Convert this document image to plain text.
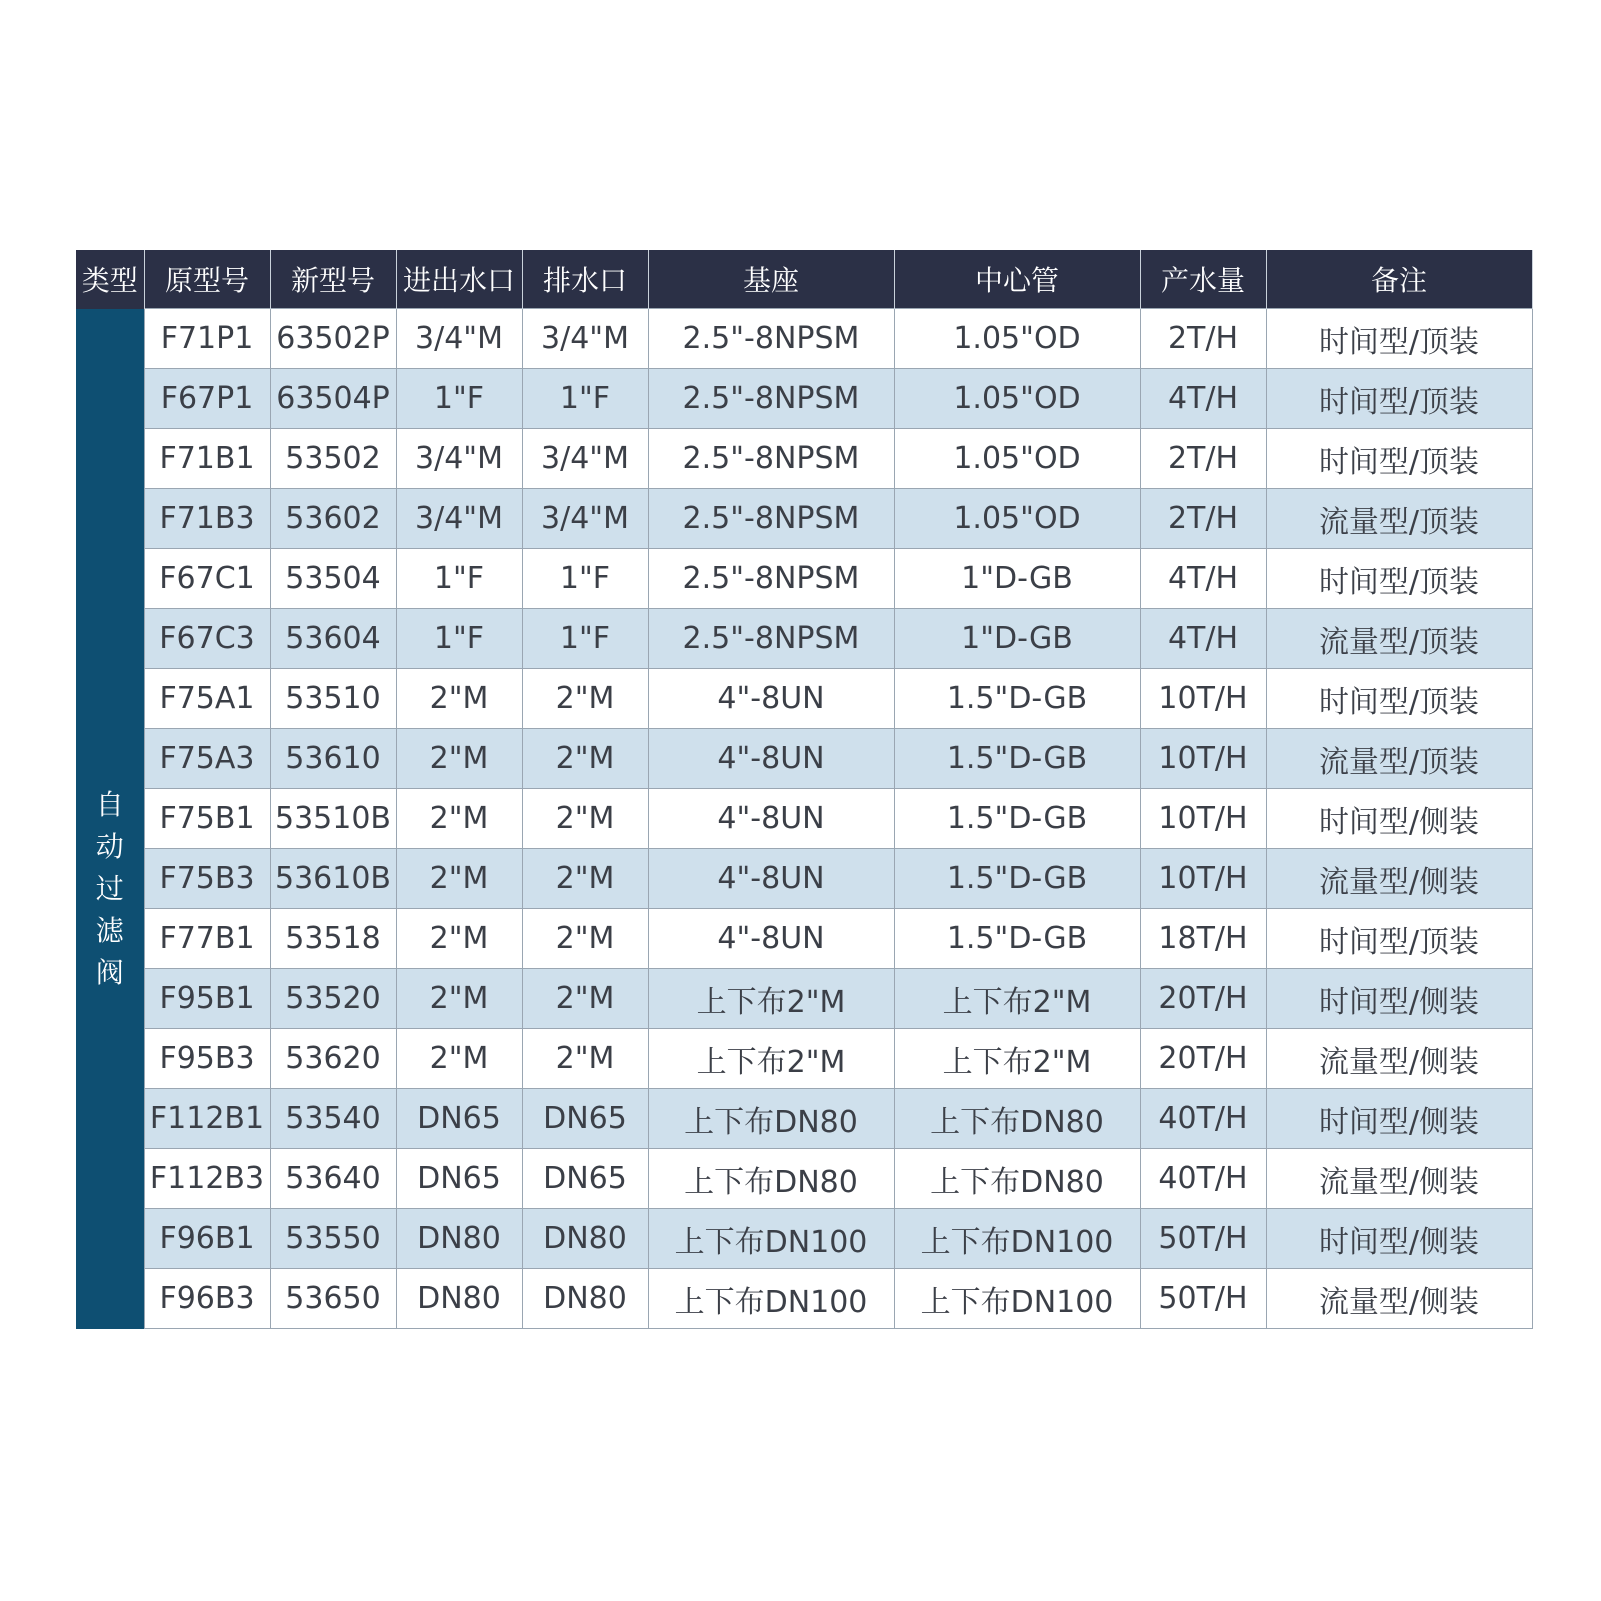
类型	原型号	新型号	进出水口	排水口	基座	中心管	产水量	备注
自动过滤阀	F71P1	63502P	3/4"M	3/4"M	2.5"-8NPSM	1.05"OD	2T/H	时间型/顶装
	F67P1	63504P	1"F	1"F	2.5"-8NPSM	1.05"OD	4T/H	时间型/顶装
	F71B1	53502	3/4"M	3/4"M	2.5"-8NPSM	1.05"OD	2T/H	时间型/顶装
	F71B3	53602	3/4"M	3/4"M	2.5"-8NPSM	1.05"OD	2T/H	流量型/顶装
	F67C1	53504	1"F	1"F	2.5"-8NPSM	1"D-GB	4T/H	时间型/顶装
	F67C3	53604	1"F	1"F	2.5"-8NPSM	1"D-GB	4T/H	流量型/顶装
	F75A1	53510	2"M	2"M	4"-8UN	1.5"D-GB	10T/H	时间型/顶装
	F75A3	53610	2"M	2"M	4"-8UN	1.5"D-GB	10T/H	流量型/顶装
	F75B1	53510B	2"M	2"M	4"-8UN	1.5"D-GB	10T/H	时间型/侧装
	F75B3	53610B	2"M	2"M	4"-8UN	1.5"D-GB	10T/H	流量型/侧装
	F77B1	53518	2"M	2"M	4"-8UN	1.5"D-GB	18T/H	时间型/顶装
	F95B1	53520	2"M	2"M	上下布2"M	上下布2"M	20T/H	时间型/侧装
	F95B3	53620	2"M	2"M	上下布2"M	上下布2"M	20T/H	流量型/侧装
	F112B1	53540	DN65	DN65	上下布DN80	上下布DN80	40T/H	时间型/侧装
	F112B3	53640	DN65	DN65	上下布DN80	上下布DN80	40T/H	流量型/侧装
	F96B1	53550	DN80	DN80	上下布DN100	上下布DN100	50T/H	时间型/侧装
	F96B3	53650	DN80	DN80	上下布DN100	上下布DN100	50T/H	流量型/侧装
